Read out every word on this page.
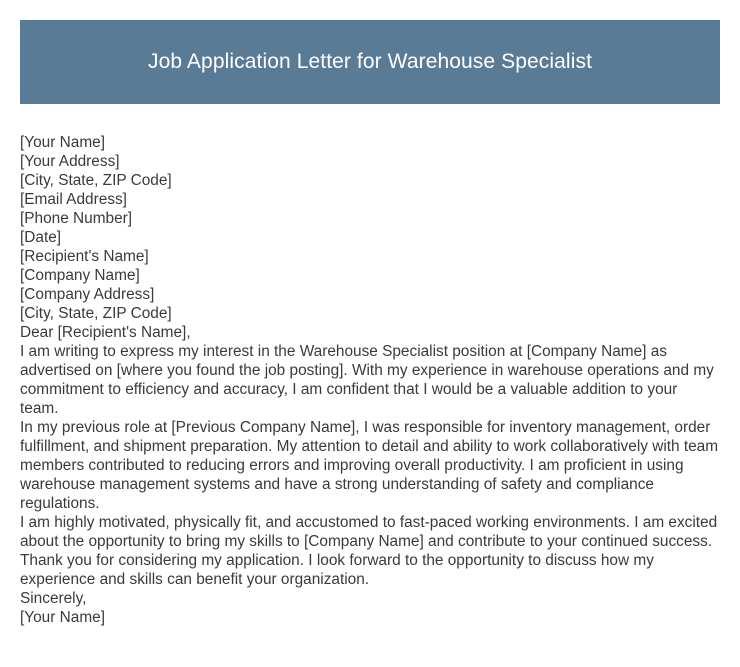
Job Application Letter for Warehouse Specialist
[Your Name]
[Your Address]
[City, State, ZIP Code]
[Email Address]
[Phone Number]
[Date]
[Recipient's Name]
[Company Name]
[Company Address]
[City, State, ZIP Code]
Dear [Recipient's Name],

I am writing to express my interest in the Warehouse Specialist position at [Company Name] as advertised on [where you found the job posting]. With my experience in warehouse operations and my commitment to efficiency and accuracy, I am confident that I would be a valuable addition to your team.

In my previous role at [Previous Company Name], I was responsible for inventory management, order fulfillment, and shipment preparation. My attention to detail and ability to work collaboratively with team members contributed to reducing errors and improving overall productivity. I am proficient in using warehouse management systems and have a strong understanding of safety and compliance regulations.

I am highly motivated, physically fit, and accustomed to fast-paced working environments. I am excited about the opportunity to bring my skills to [Company Name] and contribute to your continued success.

Thank you for considering my application. I look forward to the opportunity to discuss how my experience and skills can benefit your organization.

Sincerely,
[Your Name]
